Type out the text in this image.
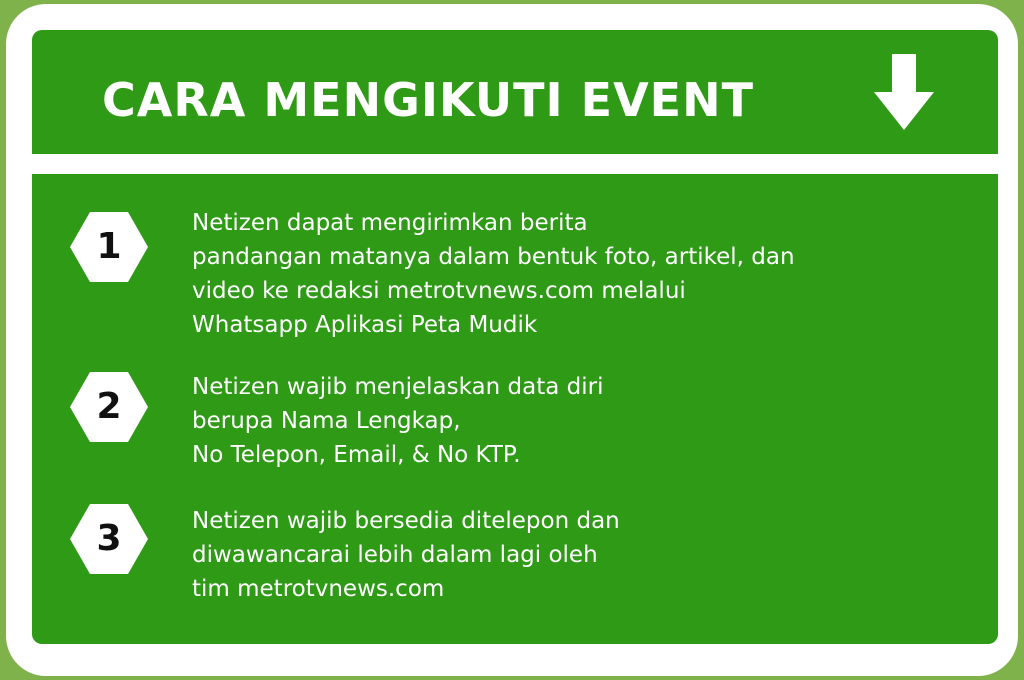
CARA MENGIKUTI EVENT
1
Netizen dapat mengirimkan berita
pandangan matanya dalam bentuk foto, artikel, dan
video ke redaksi metrotvnews.com melalui
Whatsapp Aplikasi Peta Mudik
2	Netizen wajib menjelaskan data diri
berupa Nama Lengkap,
No Telepon, Email, & No KTP.
3	Netizen wajib bersedia ditelepon dan
diwawancarai lebih dalam lagi oleh
tim metrotvnews.com
